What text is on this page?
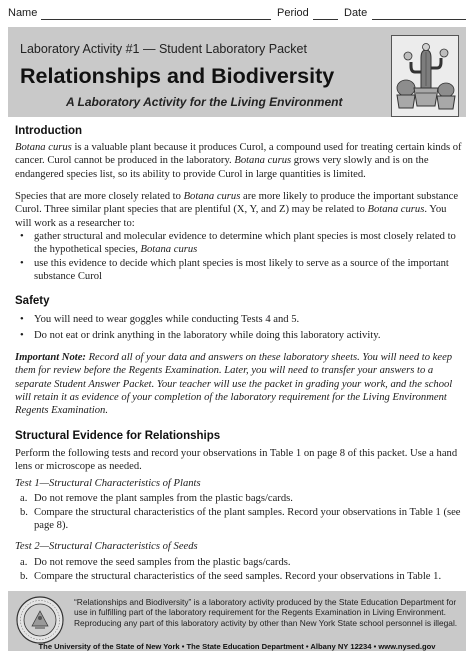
Name	Period	Date
Laboratory Activity #1 — Student Laboratory Packet
Relationships and Biodiversity
A Laboratory Activity for the Living Environment
Introduction

Botana curus is a valuable plant because it produces Curol, a compound used for treating certain kinds of cancer. Curol cannot be produced in the laboratory. Botana curus grows very slowly and is on the endangered species list, so its ability to provide Curol in large quantities is limited.

Species that are more closely related to Botana curus are more likely to produce the important substance Curol. Three similar plant species that are plentiful (X, Y, and Z) may be related to Botana curus. You will work as a researcher to:

• gather structural and molecular evidence to determine which plant species is most closely related to the hypothetical species, Botana curus
• use this evidence to decide which plant species is most likely to serve as a source of the important substance Curol
Safety
• You will need to wear goggles while conducting Tests 4 and 5.
• Do not eat or drink anything in the laboratory while doing this laboratory activity.

Important Note: Record all of your data and answers on these laboratory sheets. You will need to keep them for review before the Regents Examination. Later, you will need to transfer your answers to a separate Student Answer Packet. Your teacher will use the packet in grading your work, and the school will retain it as evidence of your completion of the laboratory requirement for the Living Environment Regents Examination.

Structural Evidence for Relationships

Perform the following tests and record your observations in Table 1 on page 8 of this packet. Use a hand lens or microscope as needed.

Test 1—Structural Characteristics of Plants
a. Do not remove the plant samples from the plastic bags/cards.
b. Compare the structural characteristics of the plant samples. Record your observations in Table 1 (see page 8).
Test 2—Structural Characteristics of Seeds
a. Do not remove the seed samples from the plastic bags/cards.
b. Compare the structural characteristics of the seed samples. Record your observations in Table 1.
“Relationships and Biodiversity” is a laboratory activity produced by the State Education Department for use in fulfilling part of the laboratory requirement for the Regents Examination in Living Environment. Reproducing any part of this laboratory activity by other than New York State school personnel is illegal.
The University of the State of New York • The State Education Department • Albany NY 12234 • www.nysed.gov
